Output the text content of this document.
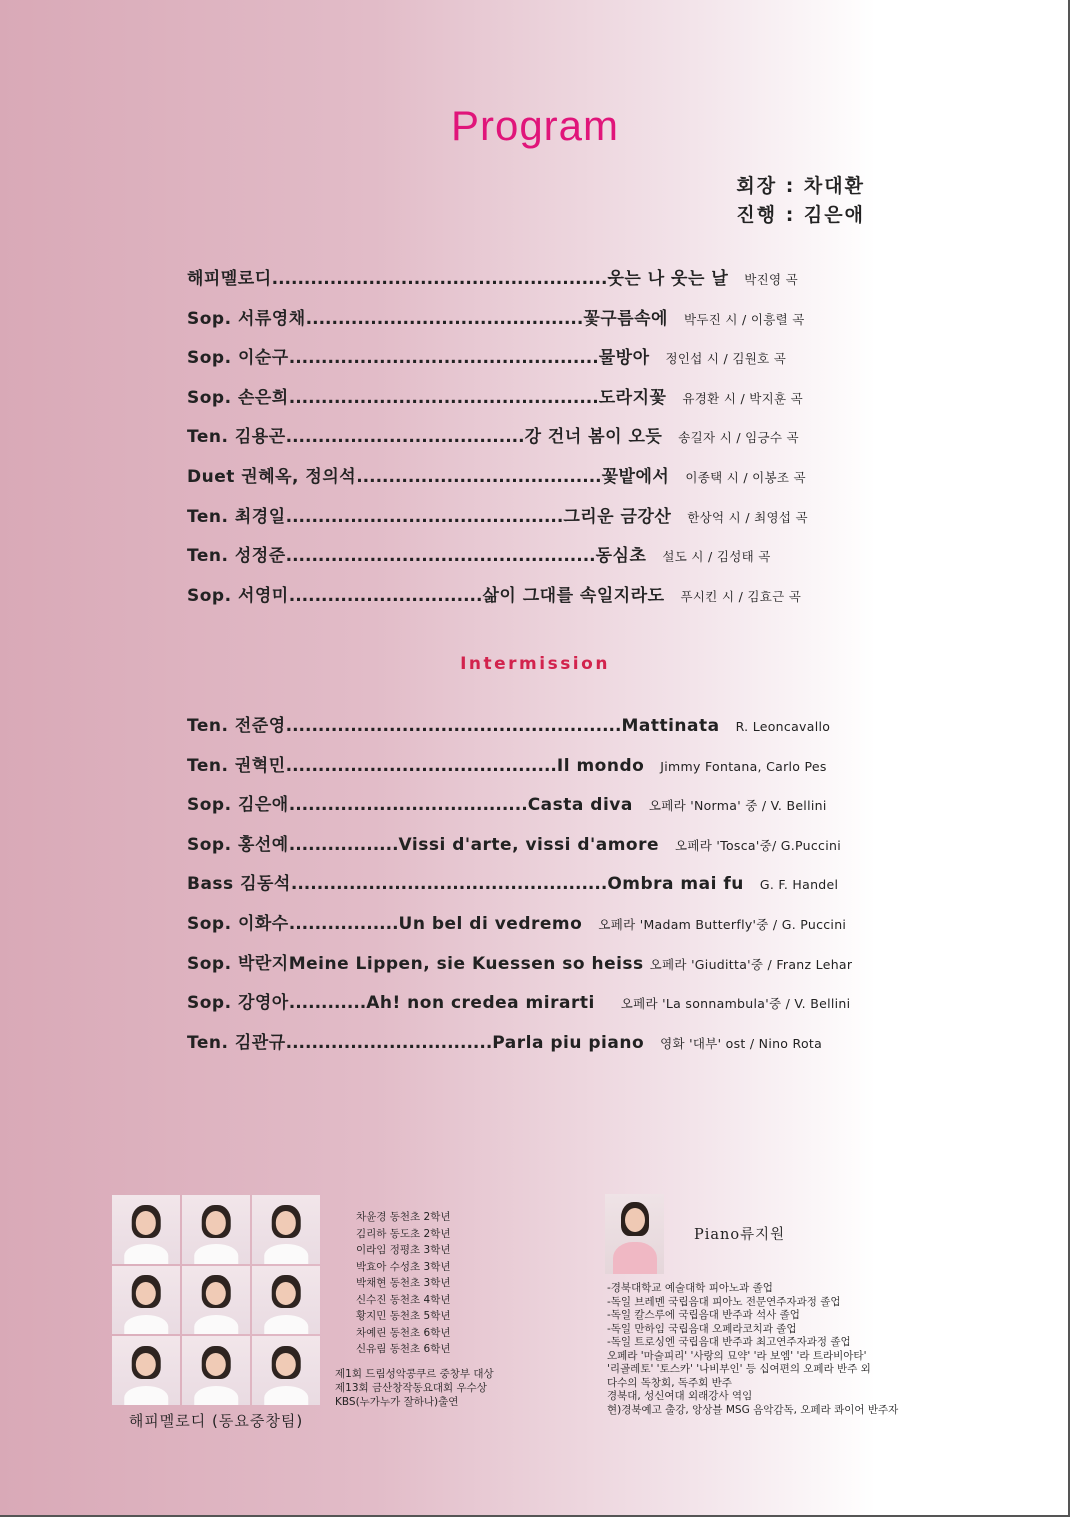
Program
회장 : 차대환
진행 : 김은애
해피멜로디 .................................................... 웃는 나 웃는 날 박진영 곡
Sop. 서류영채 ........................................... 꽃구름속에 박두진 시 / 이흥렬 곡
Sop. 이순구 ................................................ 물방아 정인섭 시 / 김원호 곡
Sop. 손은희 ................................................ 도라지꽃 유경환 시 / 박지훈 곡
Ten. 김용곤 ..................................... 강 건너 봄이 오듯 송길자 시 / 임긍수 곡
Duet 권혜옥, 정의석 ...................................... 꽃밭에서 이종택 시 / 이봉조 곡
Ten. 최경일 ........................................... 그리운 금강산 한상억 시 / 최영섭 곡
Ten. 성정준 ................................................ 동심초 설도 시 / 김성태 곡
Sop. 서영미 .............................. 삶이 그대를 속일지라도 푸시킨 시 / 김효근 곡
Intermission
Ten. 전준영 .................................................... Mattinata R. Leoncavallo
Ten. 권혁민 .......................................... Il mondo Jimmy Fontana, Carlo Pes
Sop. 김은애 ..................................... Casta diva 오페라 'Norma' 중 / V. Bellini
Sop. 홍선예 ................. Vissi d'arte, vissi d'amore 오페라 'Tosca'중/ G.Puccini
Bass 김동석 ................................................. Ombra mai fu G. F. Handel
Sop. 이화수 ................. Un bel di vedremo 오페라 'Madam Butterfly'중 / G. Puccini
Sop. 박란지 Meine Lippen, sie Kuessen so heiss 오페라 'Giuditta'중 / Franz Lehar
Sop. 강영아 ............ Ah! non credea mirarti 오페라 'La sonnambula'중 / V. Bellini
Ten. 김관규 ................................ Parla piu piano 영화 '대부' ost / Nino Rota
해피멜로디 (동요중창팀)
차윤경 동천초 2학년
김리하 동도초 2학년
이라임 정평초 3학년
박효아 수성초 3학년
박채현 동천초 3학년
신수진 동천초 4학년
황지민 동천초 5학년
차예린 동천초 6학년
신유림 동천초 6학년
제1회 드림성악콩쿠르 중창부 대상
제13회 금산창작동요대회 우수상
KBS(누가누가 잘하나)출연
Piano류지원
-경북대학교 예술대학 피아노과 졸업
-독일 브레멘 국립음대 피아노 전문연주자과정 졸업
-독일 칼스루에 국립음대 반주과 석사 졸업
-독일 만하임 국립음대 오페라코치과 졸업
-독일 트로싱엔 국립음대 반주과 최고연주자과정 졸업
오페라 '마술피리' '사랑의 묘약' '라 보엠' '라 트라비아타'
'리골레토' '토스카' '나비부인' 등 십여편의 오페라 반주 외
다수의 독창회, 독주회 반주
경북대, 성신여대 외래강사 역임
현)경북예고 출강, 앙상블 MSG 음악감독, 오페라 콰이어 반주자
